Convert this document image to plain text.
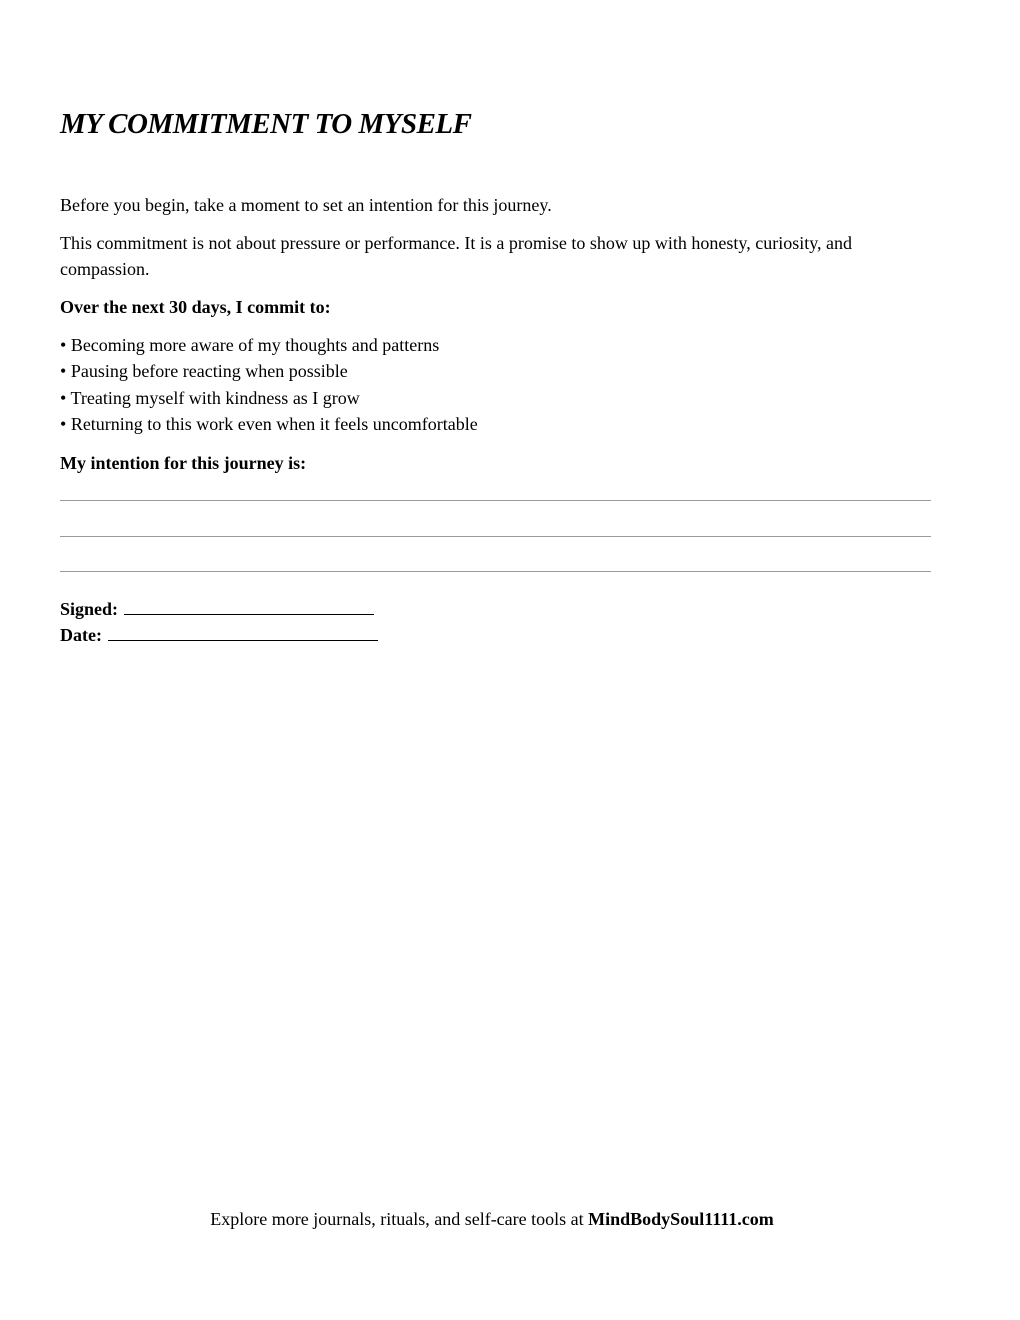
MY COMMITMENT TO MYSELF

Before you begin, take a moment to set an intention for this journey.

This commitment is not about pressure or performance. It is a promise to show up with honesty, curiosity, and compassion.

Over the next 30 days, I commit to:

• Becoming more aware of my thoughts and patterns
• Pausing before reacting when possible
• Treating myself with kindness as I grow
• Returning to this work even when it feels uncomfortable

My intention for this journey is:

Signed:
Date:
Explore more journals, rituals, and self-care tools at MindBodySoul1111.com
